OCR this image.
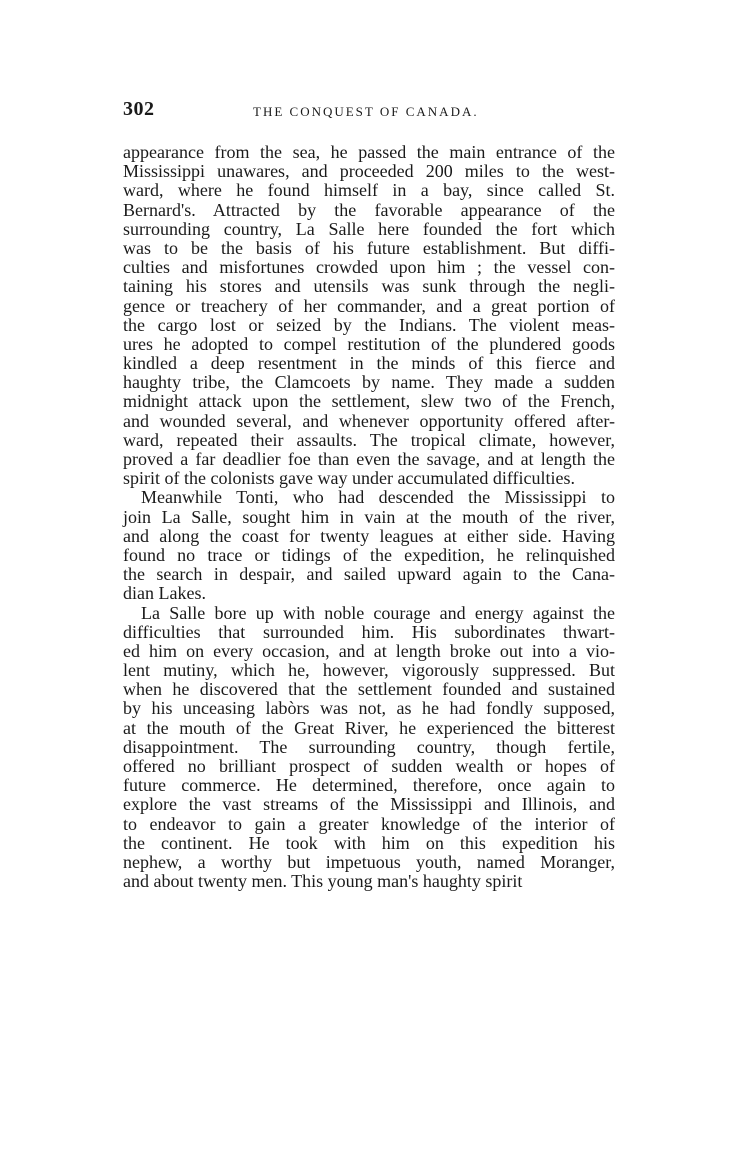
302	THE CONQUEST OF CANADA.
appearance from the sea, he passed the main entrance of the
Mississippi unawares, and proceeded 200 miles to the west-
ward, where he found himself in a bay, since called St.
Bernard's. Attracted by the favorable appearance of the
surrounding country, La Salle here founded the fort which
was to be the basis of his future establishment. But diffi-
culties and misfortunes crowded upon him ; the vessel con-
taining his stores and utensils was sunk through the negli-
gence or treachery of her commander, and a great portion of
the cargo lost or seized by the Indians. The violent meas-
ures he adopted to compel restitution of the plundered goods
kindled a deep resentment in the minds of this fierce and
haughty tribe, the Clamcoets by name. They made a sudden
midnight attack upon the settlement, slew two of the French,
and wounded several, and whenever opportunity offered after-
ward, repeated their assaults. The tropical climate, however,
proved a far deadlier foe than even the savage, and at length the
spirit of the colonists gave way under accumulated difficulties.
Meanwhile Tonti, who had descended the Mississippi to
join La Salle, sought him in vain at the mouth of the river,
and along the coast for twenty leagues at either side. Having
found no trace or tidings of the expedition, he relinquished
the search in despair, and sailed upward again to the Cana-
dian Lakes.
La Salle bore up with noble courage and energy against the
difficulties that surrounded him. His subordinates thwart-
ed him on every occasion, and at length broke out into a vio-
lent mutiny, which he, however, vigorously suppressed. But
when he discovered that the settlement founded and sustained
by his unceasing labòrs was not, as he had fondly supposed,
at the mouth of the Great River, he experienced the bitterest
disappointment. The surrounding country, though fertile,
offered no brilliant prospect of sudden wealth or hopes of
future commerce. He determined, therefore, once again to
explore the vast streams of the Mississippi and Illinois, and
to endeavor to gain a greater knowledge of the interior of
the continent. He took with him on this expedition his
nephew, a worthy but impetuous youth, named Moranger,
and about twenty men. This young man's haughty spirit
